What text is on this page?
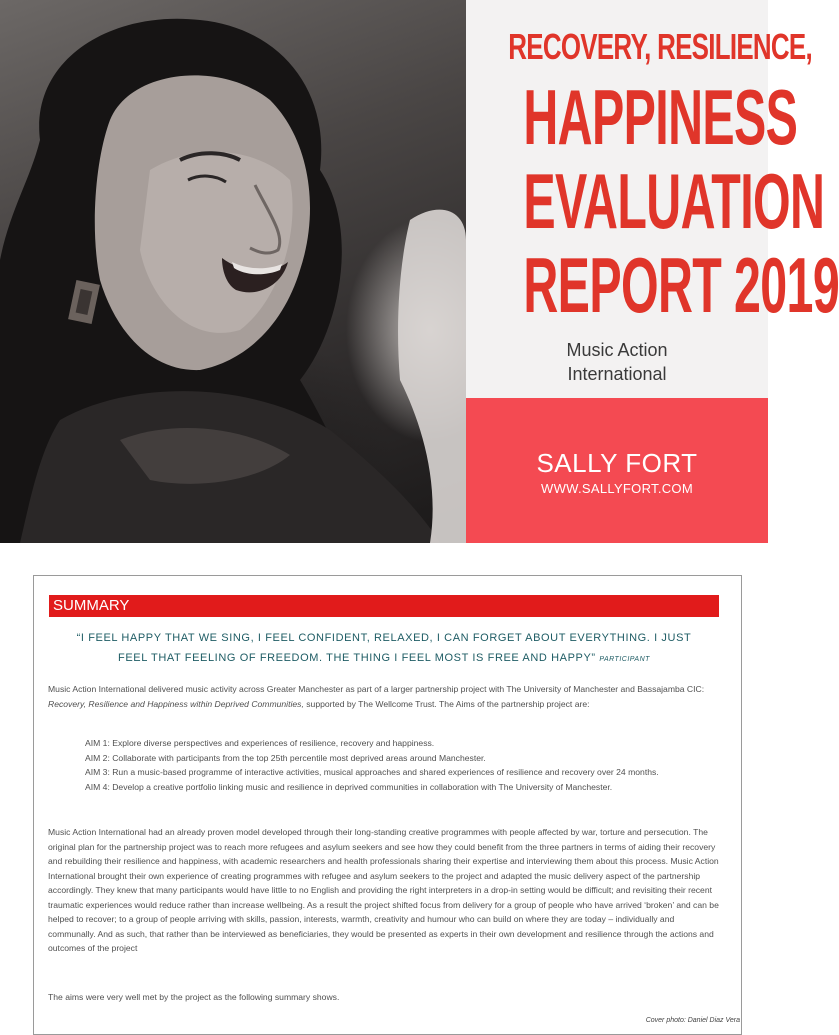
RECOVERY, RESILIENCE,
HAPPINESS
EVALUATION
REPORT 2019
Music Action
International
SALLY FORT
WWW.SALLYFORT.COM
SUMMARY
“I FEEL HAPPY THAT WE SING, I FEEL CONFIDENT, RELAXED, I CAN FORGET ABOUT EVERYTHING. I JUST
FEEL THAT FEELING OF FREEDOM. THE THING I FEEL MOST IS FREE AND HAPPY” PARTICIPANT
Music Action International delivered music activity across Greater Manchester as part of a larger partnership project with The University of Manchester and Bassajamba CIC: Recovery, Resilience and Happiness within Deprived Communities, supported by The Wellcome Trust. The Aims of the partnership project are:
AIM 1: Explore diverse perspectives and experiences of resilience, recovery and happiness.
AIM 2: Collaborate with participants from the top 25th percentile most deprived areas around Manchester.
AIM 3: Run a music-based programme of interactive activities, musical approaches and shared experiences of resilience and recovery over 24 months.
AIM 4: Develop a creative portfolio linking music and resilience in deprived communities in collaboration with The University of Manchester.
Music Action International had an already proven model developed through their long-standing creative programmes with people affected by war, torture and persecution. The original plan for the partnership project was to reach more refugees and asylum seekers and see how they could benefit from the three partners in terms of aiding their recovery and rebuilding their resilience and happiness, with academic researchers and health professionals sharing their expertise and interviewing them about this process. Music Action International brought their own experience of creating programmes with refugee and asylum seekers to the project and adapted the music delivery aspect of the partnership accordingly. They knew that many participants would have little to no English and providing the right interpreters in a drop-in setting would be difficult; and revisiting their recent traumatic experiences would reduce rather than increase wellbeing. As a result the project shifted focus from delivery for a group of people who have arrived ‘broken’ and can be helped to recover; to a group of people arriving with skills, passion, interests, warmth, creativity and humour who can build on where they are today – individually and communally. And as such, that rather than be interviewed as beneficiaries, they would be presented as experts in their own development and resilience through the actions and outcomes of the project
The aims were very well met by the project as the following summary shows.
Cover photo: Daniel Diaz Vera
